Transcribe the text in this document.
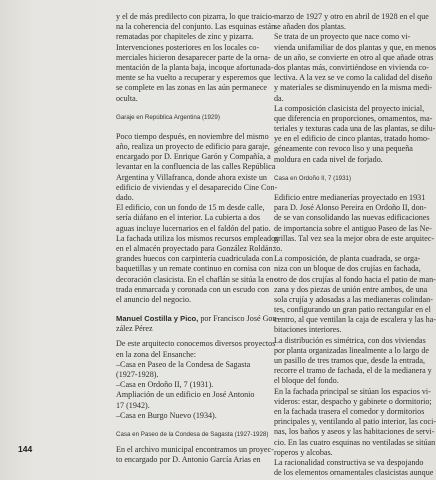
y el de más predilecto con pizarra, lo que traicio-
na la coherencia del conjunto. Las esquinas están
rematadas por chapiteles de zinc y pizarra.
Intervenciones posteriores en los locales co-
merciales hicieron desaparecer parte de la orna-
mentación de la planta baja, incoque afortunada-
mente se ha vuelto a recuperar y esperemos que
se complete en las zonas en las aún permanece
oculta.
Garaje en República Argentina (1929)
Poco tiempo después, en noviembre del mismo
año, realiza un proyecto de edificio para garaje,
encargado por D. Enrique Garón y Compañía, a
levantar en la confluencia de las calles República
Argentina y Villafranca, donde ahora existe un
edificio de viviendas y el desaparecido Cine Con-
dado.
El edificio, con un fondo de 15 m desde calle,
sería diáfano en el interior. La cubierta a dos
aguas incluye lucernarios en el faldón del patio.
La fachada utiliza los mismos recursos empleados
en el almacén proyectado para González Roldán:
grandes huecos con carpintería cuadriculada con
baquetillas y un remate continuo en cornisa con
decoración clasicista. En el chaflán se sitúa la en-
trada enmarcada y coronada con un escudo con
el anuncio del negocio.
Manuel Costilla y Pico, por Francisco José Gon-
zález Pérez
De este arquitecto conocemos diversos proyectos
en la zona del Ensanche:
–Casa en Paseo de la Condesa de Sagasta
(1927-1928).
–Casa en Ordoño II, 7 (1931).
Ampliación de un edificio en José Antonio
17 (1942).
–Casa en Burgo Nuevo (1934).
Casa en Paseo de la Condesa de Sagasta (1927-1928)
En el archivo municipal encontramos un proyec-
to encargado por D. Antonio García Arias en
marzo de 1927 y otro en abril de 1928 en el que
se añaden dos plantas.
Se trata de un proyecto que nace como vi-
vienda unifamiliar de dos plantas y que, en menos
de un año, se convierte en otro al que añade otras
dos plantas más, convirtiéndose en vivienda co-
lectiva. A la vez se ve como la calidad del diseño
y materiales se disminuyendo en la misma medi-
da.
La composición clasicista del proyecto inicial,
que diferencia en proporciones, ornamentos, ma-
teriales y texturas cada una de las plantas, se dilu-
ye en el edificio de cinco plantas, tratado homo-
géneamente con revoco liso y una pequeña
moldura en cada nivel de forjado.
Casa en Ordoño II, 7 (1931)
Edificio entre medianerías proyectado en 1931
para D. José Alonso Pereira en Ordoño II, don-
de se van consolidando las nuevas edificaciones
de importancia sobre el antiguo Paseo de las Ne-
grillas. Tal vez sea la mejor obra de este arquitec-
to.
La composición, de planta cuadrada, se orga-
niza con un bloque de dos crujías en fachada,
otro de dos crujías al fondo hacia el patio de man-
zana y dos piezas de unión entre ambos, de una
sola crujía y adosadas a las medianeras colindan-
tes, configurando un gran patio rectangular en el
centro, al que ventilan la caja de escalera y las ha-
bitaciones interiores.
La distribución es simétrica, con dos viviendas
por planta organizadas linealmente a lo largo de
un pasillo de tres tramos que, desde la entrada,
recorre el tramo de fachada, el de la medianera y
el bloque del fondo.
En la fachada principal se sitúan los espacios vi-
videros: estar, despacho y gabinete o dormitorio;
en la fachada trasera el comedor y dormitorios
principales y, ventilando al patio interior, las coci-
nas, los baños y aseos y las habitaciones de servi-
cio. En las cuatro esquinas no ventiladas se sitúan
roperos y alcobas.
La racionalidad constructiva se va despojando
de los elementos ornamentales clasicistas aunque
144
